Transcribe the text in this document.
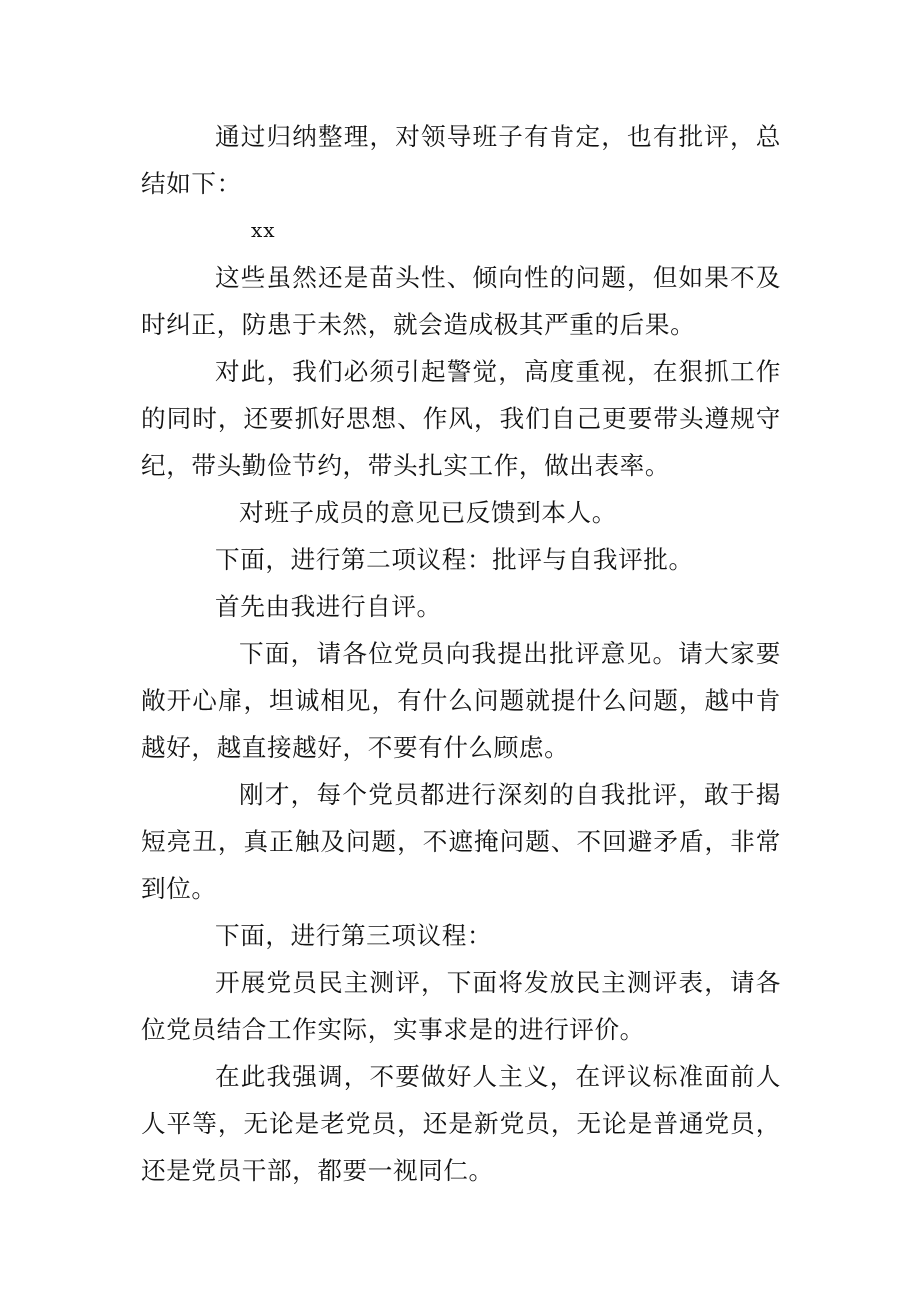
通过归纳整理，对领导班子有肯定，也有批评，总结如下：

xx

这些虽然还是苗头性、倾向性的问题，但如果不及时纠正，防患于未然，就会造成极其严重的后果。

对此，我们必须引起警觉，高度重视，在狠抓工作的同时，还要抓好思想、作风，我们自己更要带头遵规守纪，带头勤俭节约，带头扎实工作，做出表率。

对班子成员的意见已反馈到本人。

下面，进行第二项议程：批评与自我评批。

首先由我进行自评。

下面，请各位党员向我提出批评意见。请大家要敞开心扉，坦诚相见，有什么问题就提什么问题，越中肯越好，越直接越好，不要有什么顾虑。

刚才，每个党员都进行深刻的自我批评，敢于揭短亮丑，真正触及问题，不遮掩问题、不回避矛盾，非常到位。

下面，进行第三项议程：

开展党员民主测评，下面将发放民主测评表，请各位党员结合工作实际，实事求是的进行评价。

在此我强调，不要做好人主义，在评议标准面前人人平等，无论是老党员，还是新党员，无论是普通党员，还是党员干部，都要一视同仁。
